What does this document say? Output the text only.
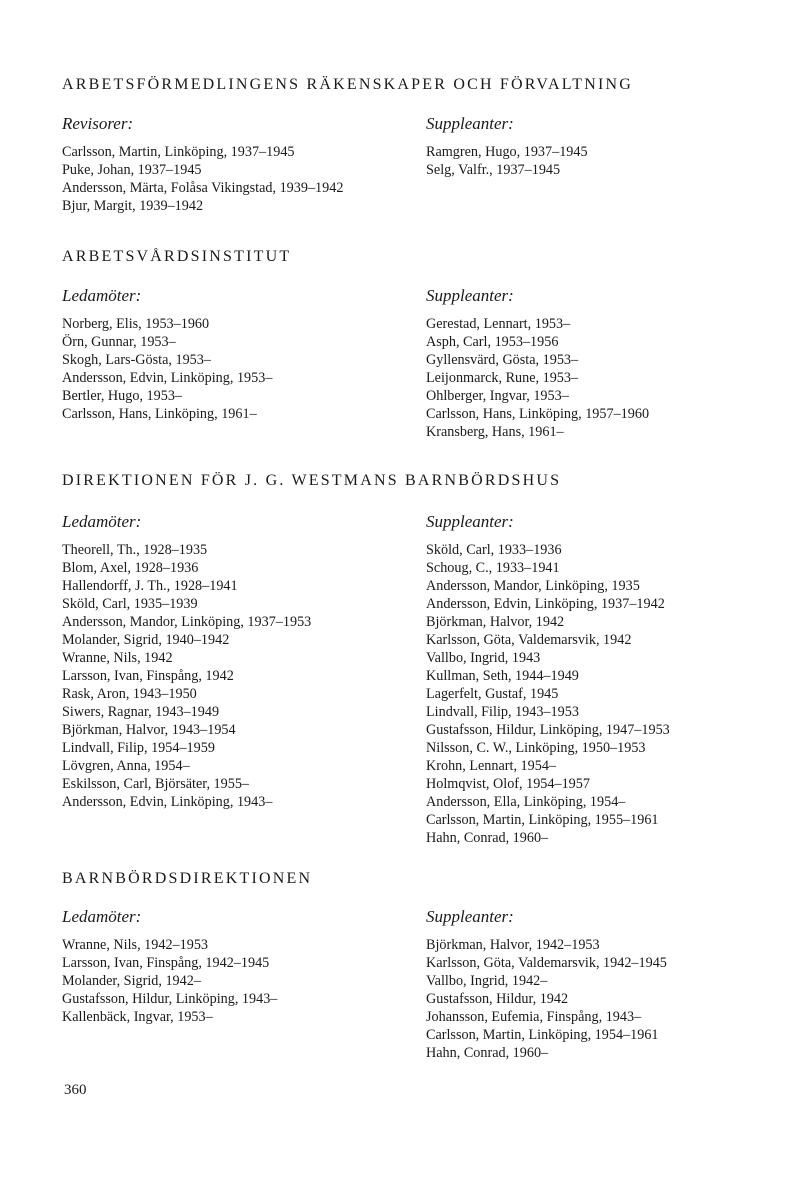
ARBETSFÖRMEDLINGENS RÄKENSKAPER OCH FÖRVALTNING
Revisorer:
Carlsson, Martin, Linköping, 1937–1945
Puke, Johan, 1937–1945
Andersson, Märta, Folåsa Vikingstad, 1939–1942
Bjur, Margit, 1939–1942
Suppleanter:
Ramgren, Hugo, 1937–1945
Selg, Valfr., 1937–1945
ARBETSVÅRDSINSTITUT
Ledamöter:
Norberg, Elis, 1953–1960
Örn, Gunnar, 1953–
Skogh, Lars-Gösta, 1953–
Andersson, Edvin, Linköping, 1953–
Bertler, Hugo, 1953–
Carlsson, Hans, Linköping, 1961–
Suppleanter:
Gerestad, Lennart, 1953–
Asph, Carl, 1953–1956
Gyllensvärd, Gösta, 1953–
Leijonmarck, Rune, 1953–
Ohlberger, Ingvar, 1953–
Carlsson, Hans, Linköping, 1957–1960
Kransberg, Hans, 1961–
DIREKTIONEN FÖR J. G. WESTMANS BARNBÖRDSHUS
Ledamöter:
Theorell, Th., 1928–1935
Blom, Axel, 1928–1936
Hallendorff, J. Th., 1928–1941
Sköld, Carl, 1935–1939
Andersson, Mandor, Linköping, 1937–1953
Molander, Sigrid, 1940–1942
Wranne, Nils, 1942
Larsson, Ivan, Finspång, 1942
Rask, Aron, 1943–1950
Siwers, Ragnar, 1943–1949
Björkman, Halvor, 1943–1954
Lindvall, Filip, 1954–1959
Lövgren, Anna, 1954–
Eskilsson, Carl, Björsäter, 1955–
Andersson, Edvin, Linköping, 1943–
Suppleanter:
Sköld, Carl, 1933–1936
Schoug, C., 1933–1941
Andersson, Mandor, Linköping, 1935
Andersson, Edvin, Linköping, 1937–1942
Björkman, Halvor, 1942
Karlsson, Göta, Valdemarsvik, 1942
Vallbo, Ingrid, 1943
Kullman, Seth, 1944–1949
Lagerfelt, Gustaf, 1945
Lindvall, Filip, 1943–1953
Gustafsson, Hildur, Linköping, 1947–1953
Nilsson, C. W., Linköping, 1950–1953
Krohn, Lennart, 1954–
Holmqvist, Olof, 1954–1957
Andersson, Ella, Linköping, 1954–
Carlsson, Martin, Linköping, 1955–1961
Hahn, Conrad, 1960–
BARNBÖRDSDIREKTIONEN
Ledamöter:
Wranne, Nils, 1942–1953
Larsson, Ivan, Finspång, 1942–1945
Molander, Sigrid, 1942–
Gustafsson, Hildur, Linköping, 1943–
Kallenbäck, Ingvar, 1953–
Suppleanter:
Björkman, Halvor, 1942–1953
Karlsson, Göta, Valdemarsvik, 1942–1945
Vallbo, Ingrid, 1942–
Gustafsson, Hildur, 1942
Johansson, Eufemia, Finspång, 1943–
Carlsson, Martin, Linköping, 1954–1961
Hahn, Conrad, 1960–
360
